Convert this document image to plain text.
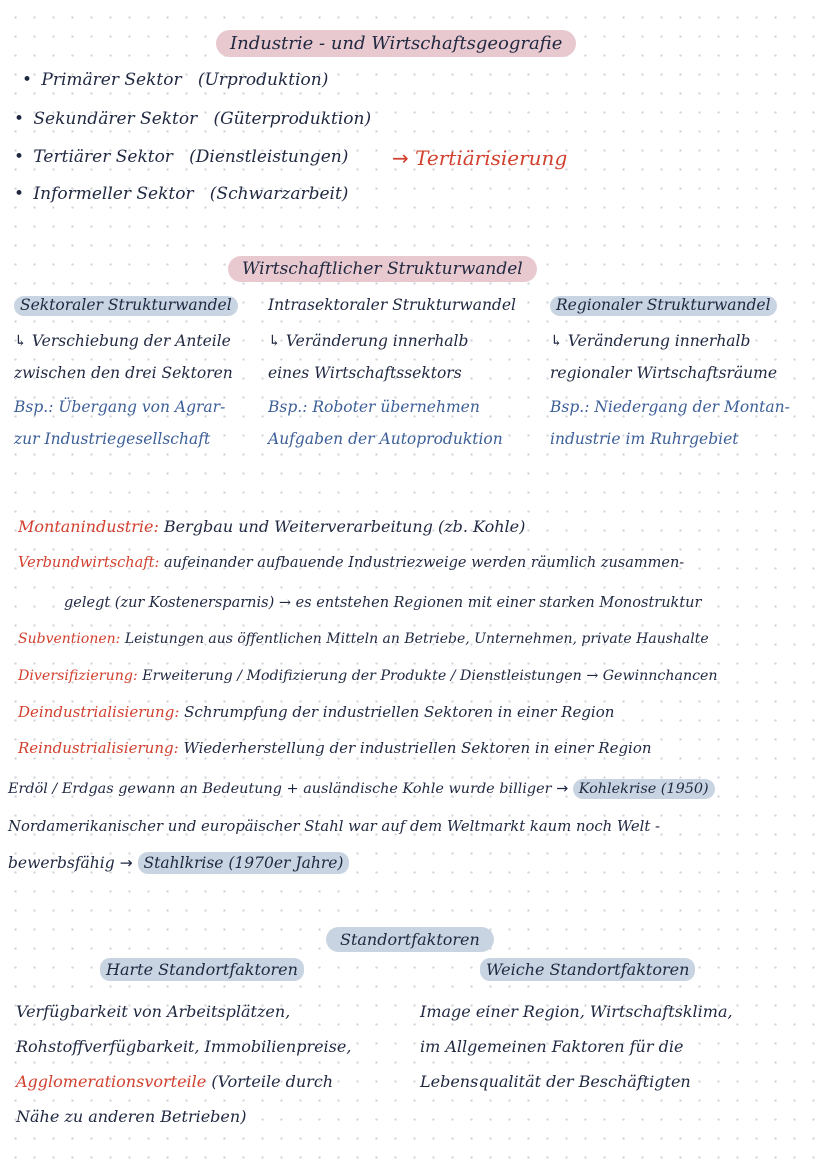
Industrie - und Wirtschaftsgeografie
• Primärer Sektor (Urproduktion)
• Sekundärer Sektor (Güterproduktion)
• Tertiärer Sektor (Dienstleistungen)
• Informeller Sektor (Schwarzarbeit)
→ Tertiärisierung
Wirtschaftlicher Strukturwandel
Sektoraler Strukturwandel
↳ Verschiebung der Anteile
zwischen den drei Sektoren
Bsp.: Übergang von Agrar-
zur Industriegesellschaft
Intrasektoraler Strukturwandel
↳ Veränderung innerhalb
eines Wirtschaftssektors
Bsp.: Roboter übernehmen
Aufgaben der Autoproduktion
Regionaler Strukturwandel
↳ Veränderung innerhalb
regionaler Wirtschaftsräume
Bsp.: Niedergang der Montan-
industrie im Ruhrgebiet
Montanindustrie: Bergbau und Weiterverarbeitung (zb. Kohle)
Verbundwirtschaft: aufeinander aufbauende Industriezweige werden räumlich zusammen-
gelegt (zur Kostenersparnis) → es entstehen Regionen mit einer starken Monostruktur
Subventionen: Leistungen aus öffentlichen Mitteln an Betriebe, Unternehmen, private Haushalte
Diversifizierung: Erweiterung / Modifizierung der Produkte / Dienstleistungen → Gewinnchancen
Deindustrialisierung: Schrumpfung der industriellen Sektoren in einer Region
Reindustrialisierung: Wiederherstellung der industriellen Sektoren in einer Region
Erdöl / Erdgas gewann an Bedeutung + ausländische Kohle wurde billiger → Kohlekrise (1950)
Nordamerikanischer und europäischer Stahl war auf dem Weltmarkt kaum noch Welt -
bewerbsfähig → Stahlkrise (1970er Jahre)
Standortfaktoren
Harte Standortfaktoren	Weiche Standortfaktoren
Verfügbarkeit von Arbeitsplätzen,
Rohstoffverfügbarkeit, Immobilienpreise,
Agglomerationsvorteile (Vorteile durch
Nähe zu anderen Betrieben)
Image einer Region, Wirtschaftsklima,
im Allgemeinen Faktoren für die
Lebensqualität der Beschäftigten
